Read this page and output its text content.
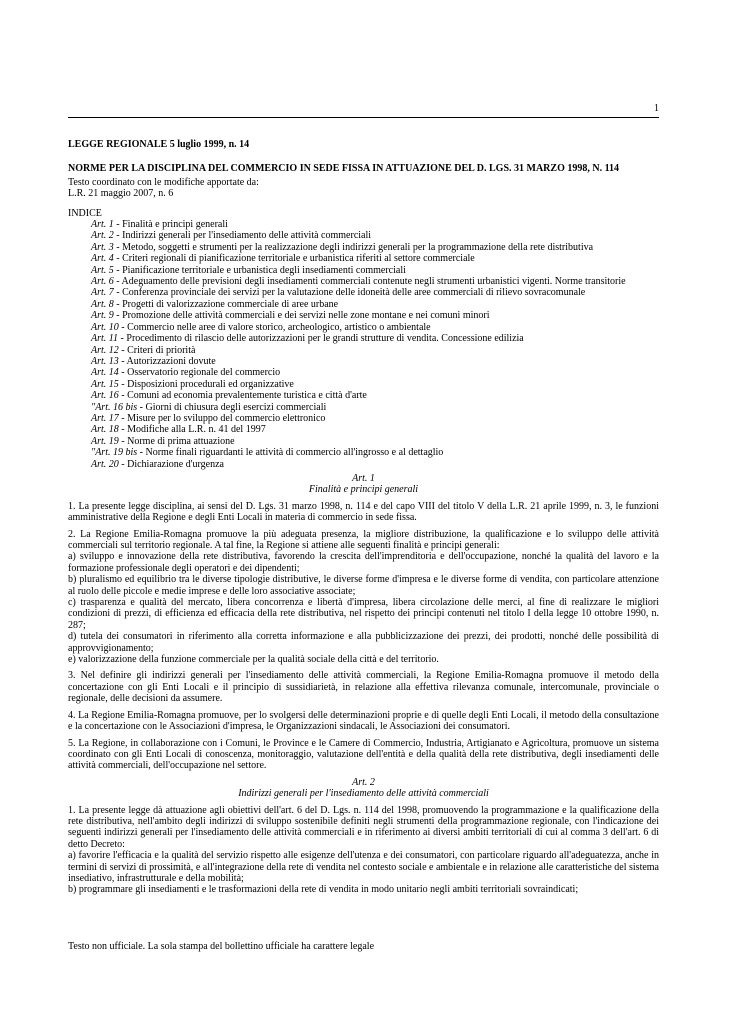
1

LEGGE REGIONALE 5 luglio 1999, n. 14

NORME PER LA DISCIPLINA DEL COMMERCIO IN SEDE FISSA IN ATTUAZIONE DEL D. LGS. 31 MARZO 1998, N. 114

Testo coordinato con le modifiche apportate da:

L.R. 21 maggio 2007, n. 6

INDICE

Art. 1 - Finalità e principi generali
Art. 2 - Indirizzi generali per l'insediamento delle attività commerciali
Art. 3 - Metodo, soggetti e strumenti per la realizzazione degli indirizzi generali per la programmazione della rete distributiva
Art. 4 - Criteri regionali di pianificazione territoriale e urbanistica riferiti al settore commerciale
Art. 5 - Pianificazione territoriale e urbanistica degli insediamenti commerciali
Art. 6 - Adeguamento delle previsioni degli insediamenti commerciali contenute negli strumenti urbanistici vigenti. Norme transitorie
Art. 7 - Conferenza provinciale dei servizi per la valutazione delle idoneità delle aree commerciali di rilievo sovracomunale
Art. 8 - Progetti di valorizzazione commerciale di aree urbane
Art. 9 - Promozione delle attività commerciali e dei servizi nelle zone montane e nei comuni minori
Art. 10 - Commercio nelle aree di valore storico, archeologico, artistico o ambientale
Art. 11 - Procedimento di rilascio delle autorizzazioni per le grandi strutture di vendita. Concessione edilizia
Art. 12 - Criteri di priorità
Art. 13 - Autorizzazioni dovute
Art. 14 - Osservatorio regionale del commercio
Art. 15 - Disposizioni procedurali ed organizzative
Art. 16 - Comuni ad economia prevalentemente turistica e città d'arte
"Art. 16 bis - Giorni di chiusura degli esercizi commerciali
Art. 17 - Misure per lo sviluppo del commercio elettronico
Art. 18 - Modifiche alla L.R. n. 41 del 1997
Art. 19 - Norme di prima attuazione
"Art. 19 bis - Norme finali riguardanti le attività di commercio all'ingrosso e al dettaglio
Art. 20 - Dichiarazione d'urgenza

Art. 1

Finalità e principi generali

1. La presente legge disciplina, ai sensi del D. Lgs. 31 marzo 1998, n. 114 e del capo VIII del titolo V della L.R. 21 aprile 1999, n. 3, le funzioni amministrative della Regione e degli Enti Locali in materia di commercio in sede fissa.

2. La Regione Emilia-Romagna promuove la più adeguata presenza, la migliore distribuzione, la qualificazione e lo sviluppo delle attività commerciali sul territorio regionale. A tal fine, la Regione si attiene alle seguenti finalità e principi generali:

a) sviluppo e innovazione della rete distributiva, favorendo la crescita dell'imprenditoria e dell'occupazione, nonché la qualità del lavoro e la formazione professionale degli operatori e dei dipendenti;

b) pluralismo ed equilibrio tra le diverse tipologie distributive, le diverse forme d'impresa e le diverse forme di vendita, con particolare attenzione al ruolo delle piccole e medie imprese e delle loro associative associate;

c) trasparenza e qualità del mercato, libera concorrenza e libertà d'impresa, libera circolazione delle merci, al fine di realizzare le migliori condizioni di prezzi, di efficienza ed efficacia della rete distributiva, nel rispetto dei principi contenuti nel titolo I della legge 10 ottobre 1990, n. 287;

d) tutela dei consumatori in riferimento alla corretta informazione e alla pubblicizzazione dei prezzi, dei prodotti, nonché delle possibilità di approvvigionamento;

e) valorizzazione della funzione commerciale per la qualità sociale della città e del territorio.

3. Nel definire gli indirizzi generali per l'insediamento delle attività commerciali, la Regione Emilia-Romagna promuove il metodo della concertazione con gli Enti Locali e il principio di sussidiarietà, in relazione alla effettiva rilevanza comunale, intercomunale, provinciale o regionale, delle decisioni da assumere.

4. La Regione Emilia-Romagna promuove, per lo svolgersi delle determinazioni proprie e di quelle degli Enti Locali, il metodo della consultazione e la concertazione con le Associazioni d'impresa, le Organizzazioni sindacali, le Associazioni dei consumatori.

5. La Regione, in collaborazione con i Comuni, le Province e le Camere di Commercio, Industria, Artigianato e Agricoltura, promuove un sistema coordinato con gli Enti Locali di conoscenza, monitoraggio, valutazione dell'entità e della qualità della rete distributiva, degli insediamenti delle attività commerciali, dell'occupazione nel settore.

Art. 2

Indirizzi generali per l'insediamento delle attività commerciali

1. La presente legge dà attuazione agli obiettivi dell'art. 6 del D. Lgs. n. 114 del 1998, promuovendo la programmazione e la qualificazione della rete distributiva, nell'ambito degli indirizzi di sviluppo sostenibile definiti negli strumenti della programmazione regionale, con l'indicazione dei seguenti indirizzi generali per l'insediamento delle attività commerciali e in riferimento ai diversi ambiti territoriali di cui al comma 3 dell'art. 6 di detto Decreto:

a) favorire l'efficacia e la qualità del servizio rispetto alle esigenze dell'utenza e dei consumatori, con particolare riguardo all'adeguatezza, anche in termini di servizi di prossimità, e all'integrazione della rete di vendita nel contesto sociale e ambientale e in relazione alle caratteristiche del sistema insediativo, infrastrutturale e della mobilità;

b) programmare gli insediamenti e le trasformazioni della rete di vendita in modo unitario negli ambiti territoriali sovraindicati;

Testo non ufficiale. La sola stampa del bollettino ufficiale ha carattere legale
